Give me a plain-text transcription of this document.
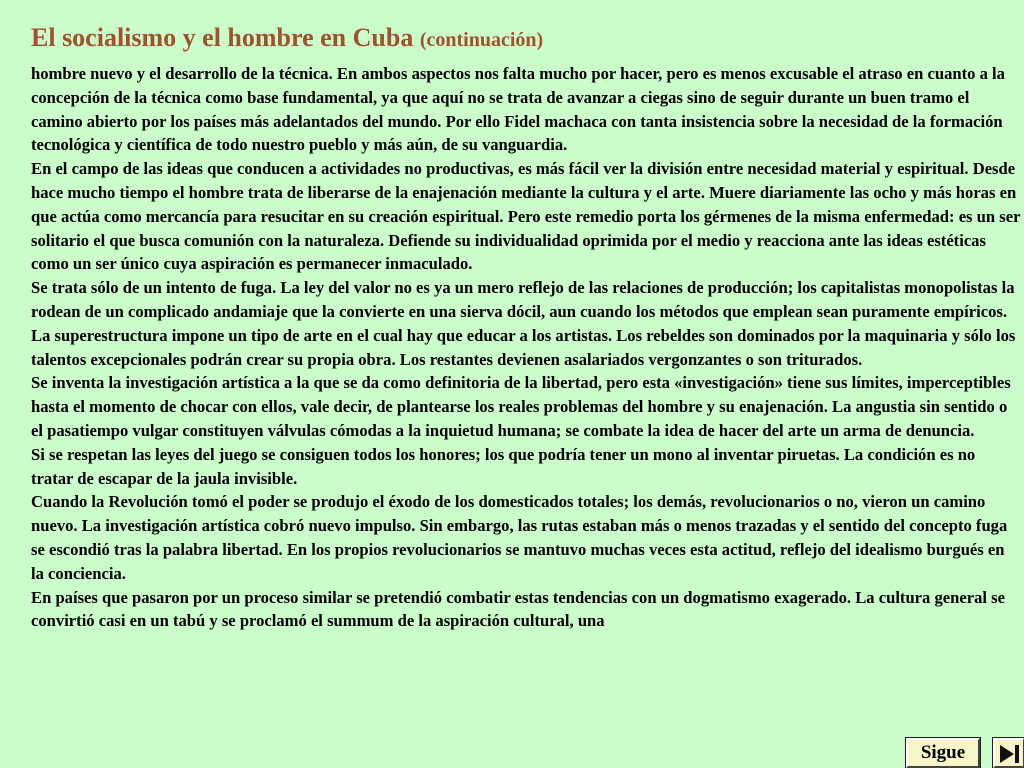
El socialismo y el hombre en Cuba (continuación)

hombre nuevo y el desarrollo de la técnica. En ambos aspectos nos falta mucho por hacer, pero es menos excusable el atraso en cuanto a la concepción de la técnica como base fundamental, ya que aquí no se trata de avanzar a ciegas sino de seguir durante un buen tramo el camino abierto por los países más adelantados del mundo. Por ello Fidel machaca con tanta insistencia sobre la necesidad de la formación tecnológica y científica de todo nuestro pueblo y más aún, de su vanguardia.

En el campo de las ideas que conducen a actividades no productivas, es más fácil ver la división entre necesidad material y espiritual. Desde hace mucho tiempo el hombre trata de liberarse de la enajenación mediante la cultura y el arte. Muere diariamente las ocho y más horas en que actúa como mercancía para resucitar en su creación espiritual. Pero este remedio porta los gérmenes de la misma enfermedad: es un ser solitario el que busca comunión con la naturaleza. Defiende su individualidad oprimida por el medio y reacciona ante las ideas estéticas como un ser único cuya aspiración es permanecer inmaculado.

Se trata sólo de un intento de fuga. La ley del valor no es ya un mero reflejo de las relaciones de producción; los capitalistas monopolistas la rodean de un complicado andamiaje que la convierte en una sierva dócil, aun cuando los métodos que emplean sean puramente empíricos. La superestructura impone un tipo de arte en el cual hay que educar a los artistas. Los rebeldes son dominados por la maquinaria y sólo los talentos excepcionales podrán crear su propia obra. Los restantes devienen asalariados vergonzantes o son triturados.

Se inventa la investigación artística a la que se da como definitoria de la libertad, pero esta «investigación» tiene sus límites, imperceptibles hasta el momento de chocar con ellos, vale decir, de plantearse los reales problemas del hombre y su enajenación. La angustia sin sentido o el pasatiempo vulgar constituyen válvulas cómodas a la inquietud humana; se combate la idea de hacer del arte un arma de denuncia.

Si se respetan las leyes del juego se consiguen todos los honores; los que podría tener un mono al inventar piruetas. La condición es no tratar de escapar de la jaula invisible.

Cuando la Revolución tomó el poder se produjo el éxodo de los domesticados totales; los demás, revolucionarios o no, vieron un camino nuevo. La investigación artística cobró nuevo impulso. Sin embargo, las rutas estaban más o menos trazadas y el sentido del concepto fuga se escondió tras la palabra libertad. En los propios revolucionarios se mantuvo muchas veces esta actitud, reflejo del idealismo burgués en la conciencia.

En países que pasaron por un proceso similar se pretendió combatir estas tendencias con un dogmatismo exagerado. La cultura general se convirtió casi en un tabú y se proclamó el summum de la aspiración cultural, una

Sigue
